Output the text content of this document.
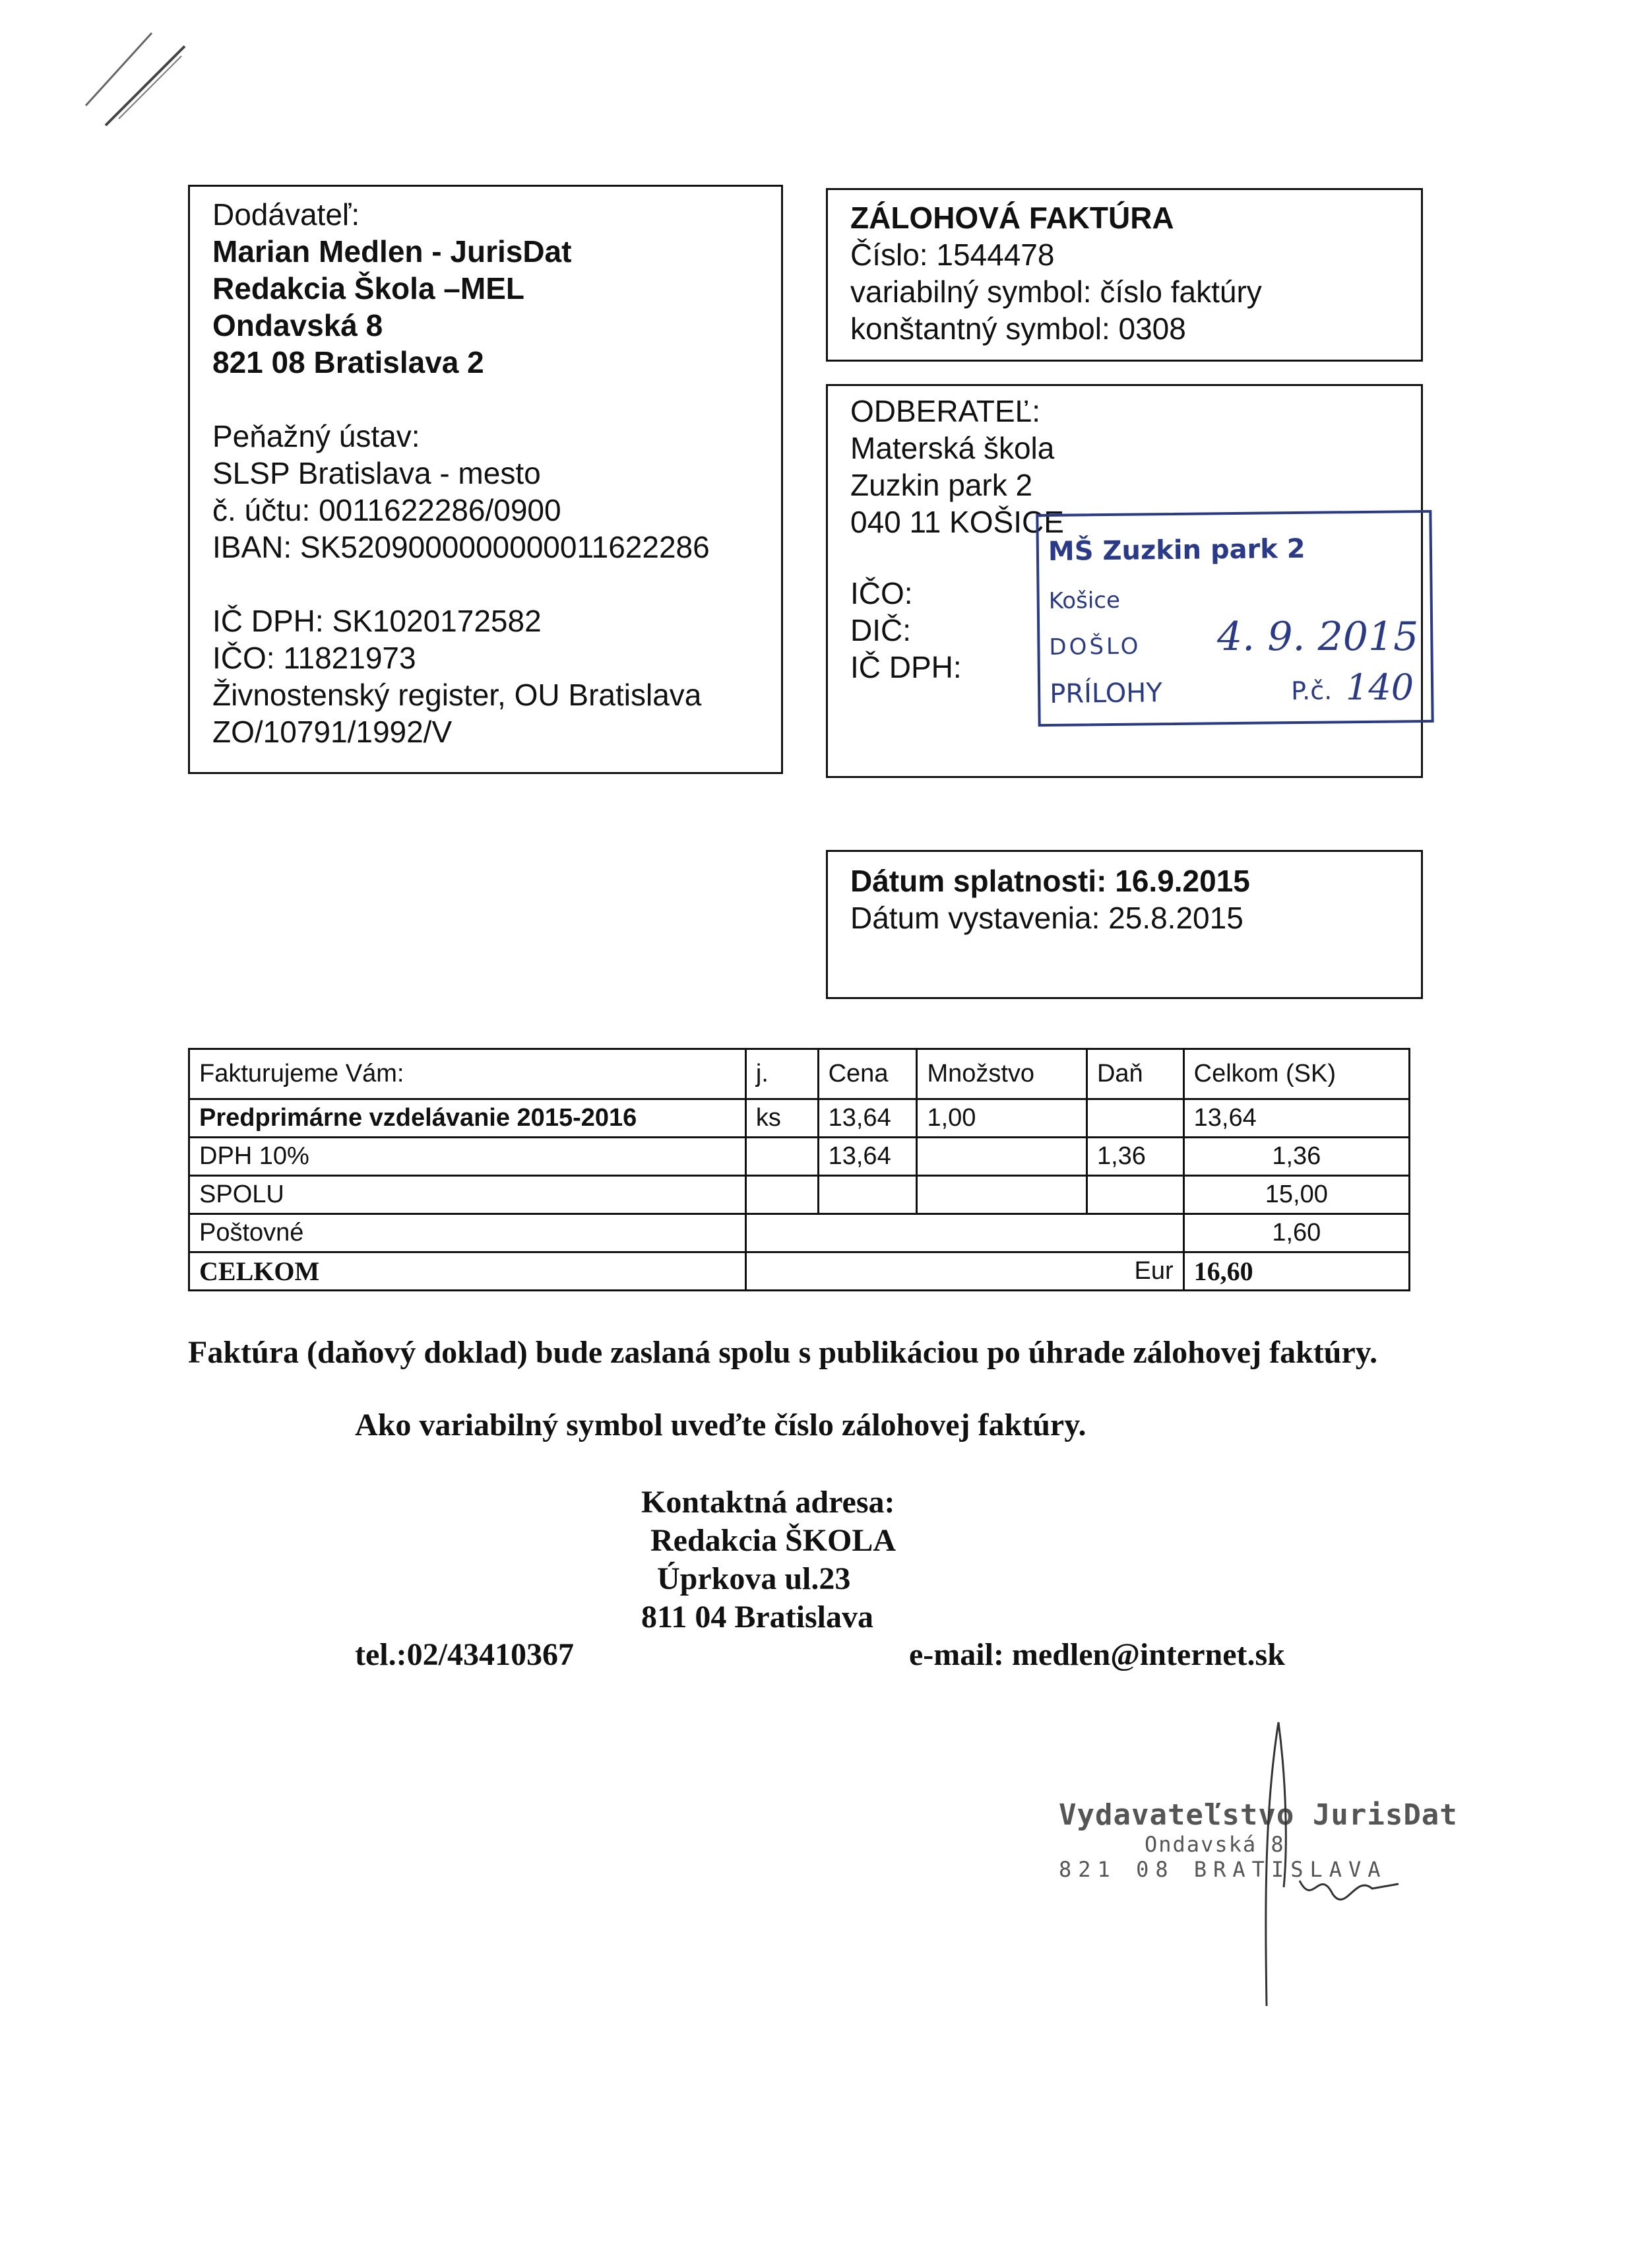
Dodávateľ:
Marian Medlen - JurisDat
Redakcia Škola –MEL
Ondavská 8
821 08 Bratislava 2
Peňažný ústav:
SLSP Bratislava - mesto
č. účtu: 0011622286/0900
IBAN: SK5209000000000011622286
IČ DPH: SK1020172582
IČO: 11821973
Živnostenský register, OU Bratislava
ZO/10791/1992/V
ZÁLOHOVÁ FAKTÚRA
Číslo: 1544478
variabilný symbol: číslo faktúry
konštantný symbol: 0308
ODBERATEĽ:
Materská škola
Zuzkin park 2
040 11 KOŠICE
IČO:
DIČ:
IČ DPH:
MŠ Zuzkin park 2
Košice
DOŠLO
PRÍLOHY	P.č.
4. 9. 2015
140
Dátum splatnosti: 16.9.2015
Dátum vystavenia: 25.8.2015
Fakturujeme Vám:	j.	Cena	Množstvo	Daň	Celkom (SK)
Predprimárne vzdelávanie 2015-2016	ks	13,64	1,00		13,64
DPH 10%		13,64		1,36	1,36
SPOLU					15,00
Poštovné					1,60
CELKOM	Eur				16,60
Faktúra (daňový doklad) bude zaslaná spolu s publikáciou po úhrade zálohovej faktúry.
Ako variabilný symbol uveďte číslo zálohovej faktúry.
Kontaktná adresa:
Redakcia ŠKOLA
Úprkova ul.23
811 04 Bratislava
tel.:02/43410367	e-mail: medlen@internet.sk
Vydavateľstvo JurisDat
Ondavská 8
821 08 BRATISLAVA
